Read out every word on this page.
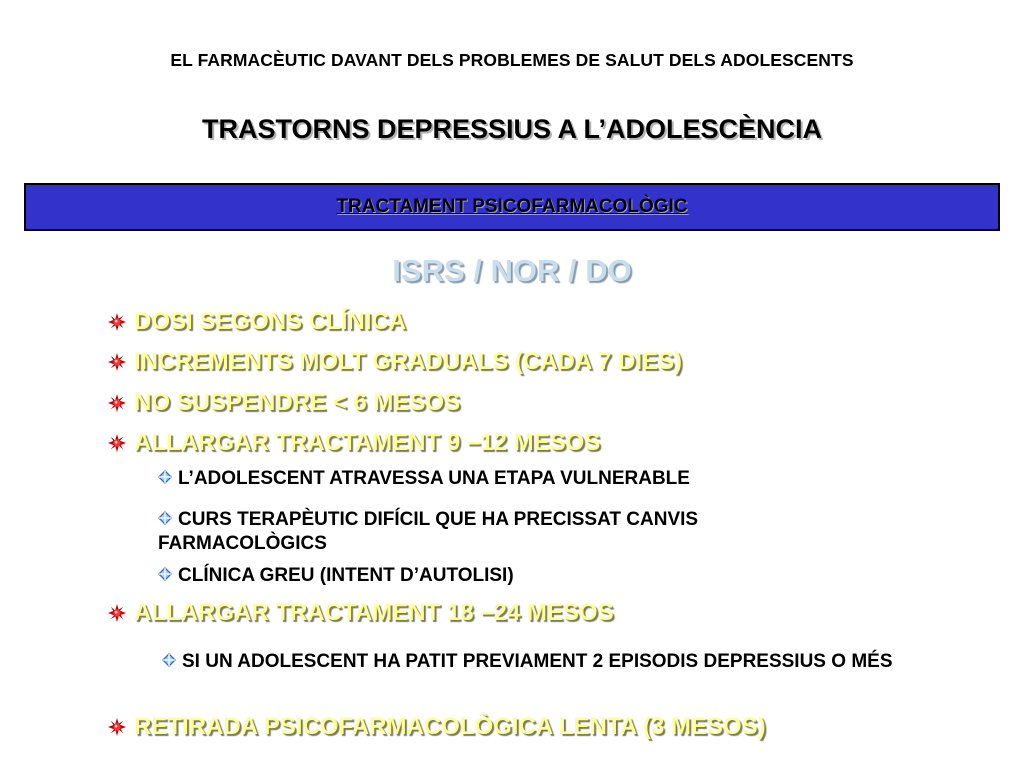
EL FARMACÈUTIC DAVANT DELS PROBLEMES DE SALUT DELS ADOLESCENTS
TRASTORNS DEPRESSIUS A L’ADOLESCÈNCIA
TRACTAMENT PSICOFARMACOLÒGIC
ISRS / NOR / DO
DOSI SEGONS CLÍNICA
INCREMENTS MOLT GRADUALS (CADA 7 DIES)
NO SUSPENDRE < 6 MESOS
ALLARGAR TRACTAMENT 9 –12 MESOS
L’ADOLESCENT ATRAVESSA UNA ETAPA VULNERABLE
CURS TERAPÈUTIC DIFÍCIL QUE HA PRECISSAT CANVIS FARMACOLÒGICS
CLÍNICA GREU (INTENT D’AUTOLISI)
ALLARGAR TRACTAMENT 18 –24 MESOS
SI UN ADOLESCENT HA PATIT PREVIAMENT 2 EPISODIS DEPRESSIUS O MÉS
RETIRADA PSICOFARMACOLÒGICA LENTA (3 MESOS)
